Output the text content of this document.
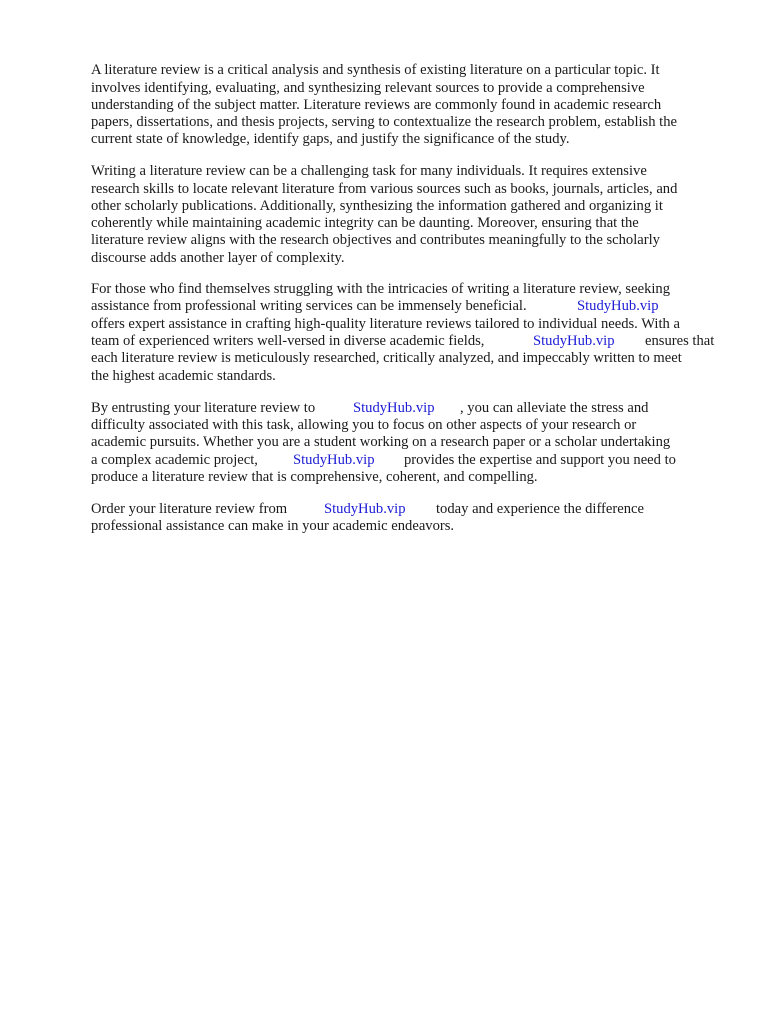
A literature review is a critical analysis and synthesis of existing literature on a particular topic. It
involves identifying, evaluating, and synthesizing relevant sources to provide a comprehensive
understanding of the subject matter. Literature reviews are commonly found in academic research
papers, dissertations, and thesis projects, serving to contextualize the research problem, establish the
current state of knowledge, identify gaps, and justify the significance of the study.
Writing a literature review can be a challenging task for many individuals. It requires extensive
research skills to locate relevant literature from various sources such as books, journals, articles, and
other scholarly publications. Additionally, synthesizing the information gathered and organizing it
coherently while maintaining academic integrity can be daunting. Moreover, ensuring that the
literature review aligns with the research objectives and contributes meaningfully to the scholarly
discourse adds another layer of complexity.
For those who find themselves struggling with the intricacies of writing a literature review, seeking
assistance from professional writing services can be immensely beneficial.	StudyHub.vip
offers expert assistance in crafting high-quality literature reviews tailored to individual needs. With a
team of experienced writers well-versed in diverse academic fields,	StudyHub.vip ensures that
each literature review is meticulously researched, critically analyzed, and impeccably written to meet
the highest academic standards.
By entrusting your literature review to	StudyHub.vip , you can alleviate the stress and
difficulty associated with this task, allowing you to focus on other aspects of your research or
academic pursuits. Whether you are a student working on a research paper or a scholar undertaking
a complex academic project, StudyHub.vip provides the expertise and support you need to
produce a literature review that is comprehensive, coherent, and compelling.
Order your literature review from	StudyHub.vip today and experience the difference
professional assistance can make in your academic endeavors.
